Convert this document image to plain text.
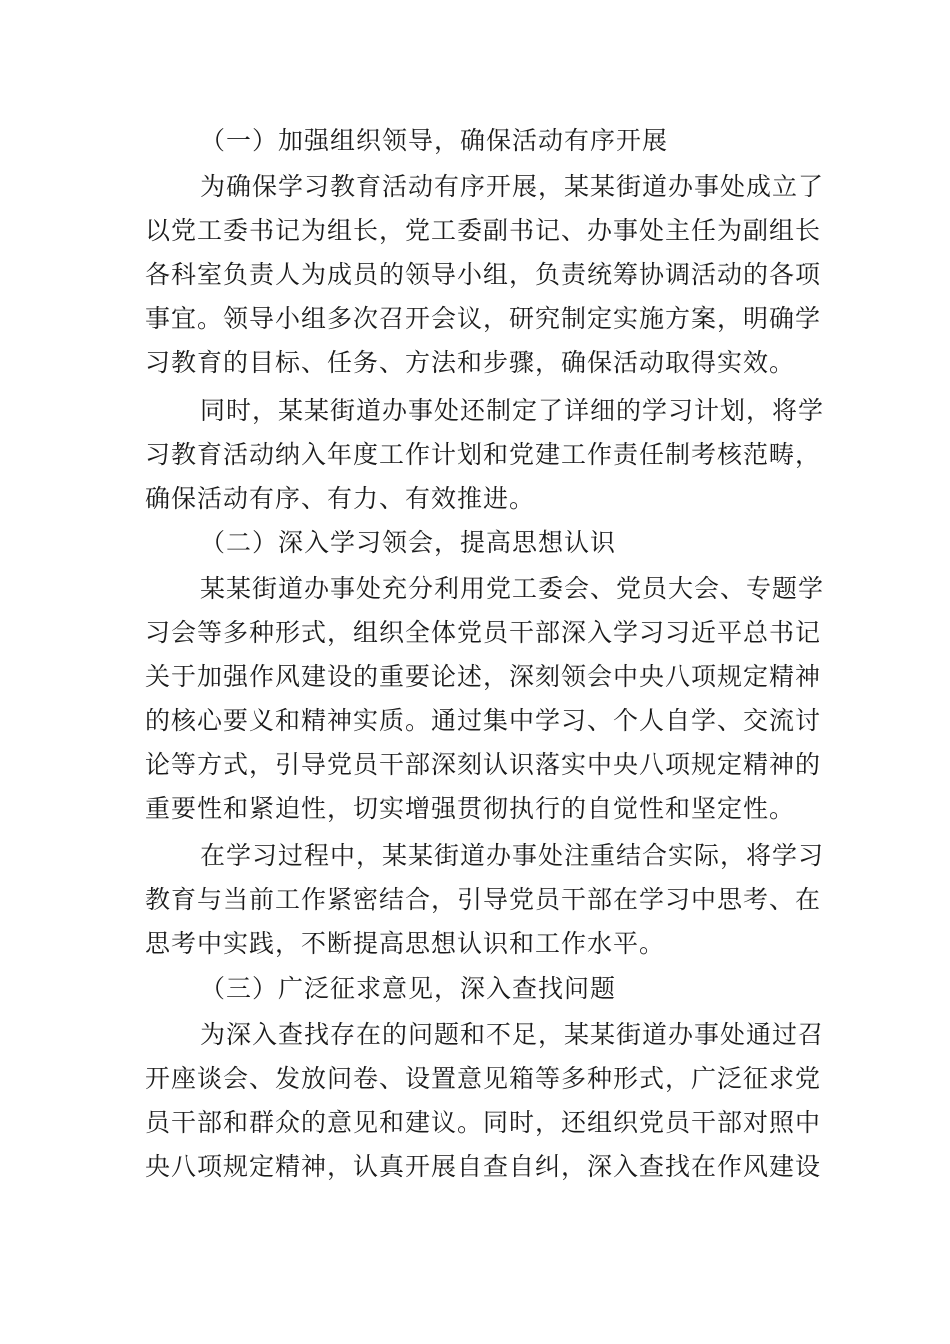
（一）加强组织领导，确保活动有序开展
为确保学习教育活动有序开展，某某街道办事处成立了
以党工委书记为组长，党工委副书记、办事处主任为副组长
各科室负责人为成员的领导小组，负责统筹协调活动的各项
事宜。领导小组多次召开会议，研究制定实施方案，明确学
习教育的目标、任务、方法和步骤，确保活动取得实效。
同时，某某街道办事处还制定了详细的学习计划，将学
习教育活动纳入年度工作计划和党建工作责任制考核范畴，
确保活动有序、有力、有效推进。
（二）深入学习领会，提高思想认识
某某街道办事处充分利用党工委会、党员大会、专题学
习会等多种形式，组织全体党员干部深入学习习近平总书记
关于加强作风建设的重要论述，深刻领会中央八项规定精神
的核心要义和精神实质。通过集中学习、个人自学、交流讨
论等方式，引导党员干部深刻认识落实中央八项规定精神的
重要性和紧迫性，切实增强贯彻执行的自觉性和坚定性。
在学习过程中，某某街道办事处注重结合实际，将学习
教育与当前工作紧密结合，引导党员干部在学习中思考、在
思考中实践，不断提高思想认识和工作水平。
（三）广泛征求意见，深入查找问题
为深入查找存在的问题和不足，某某街道办事处通过召
开座谈会、发放问卷、设置意见箱等多种形式，广泛征求党
员干部和群众的意见和建议。同时，还组织党员干部对照中
央八项规定精神，认真开展自查自纠，深入查找在作风建设
